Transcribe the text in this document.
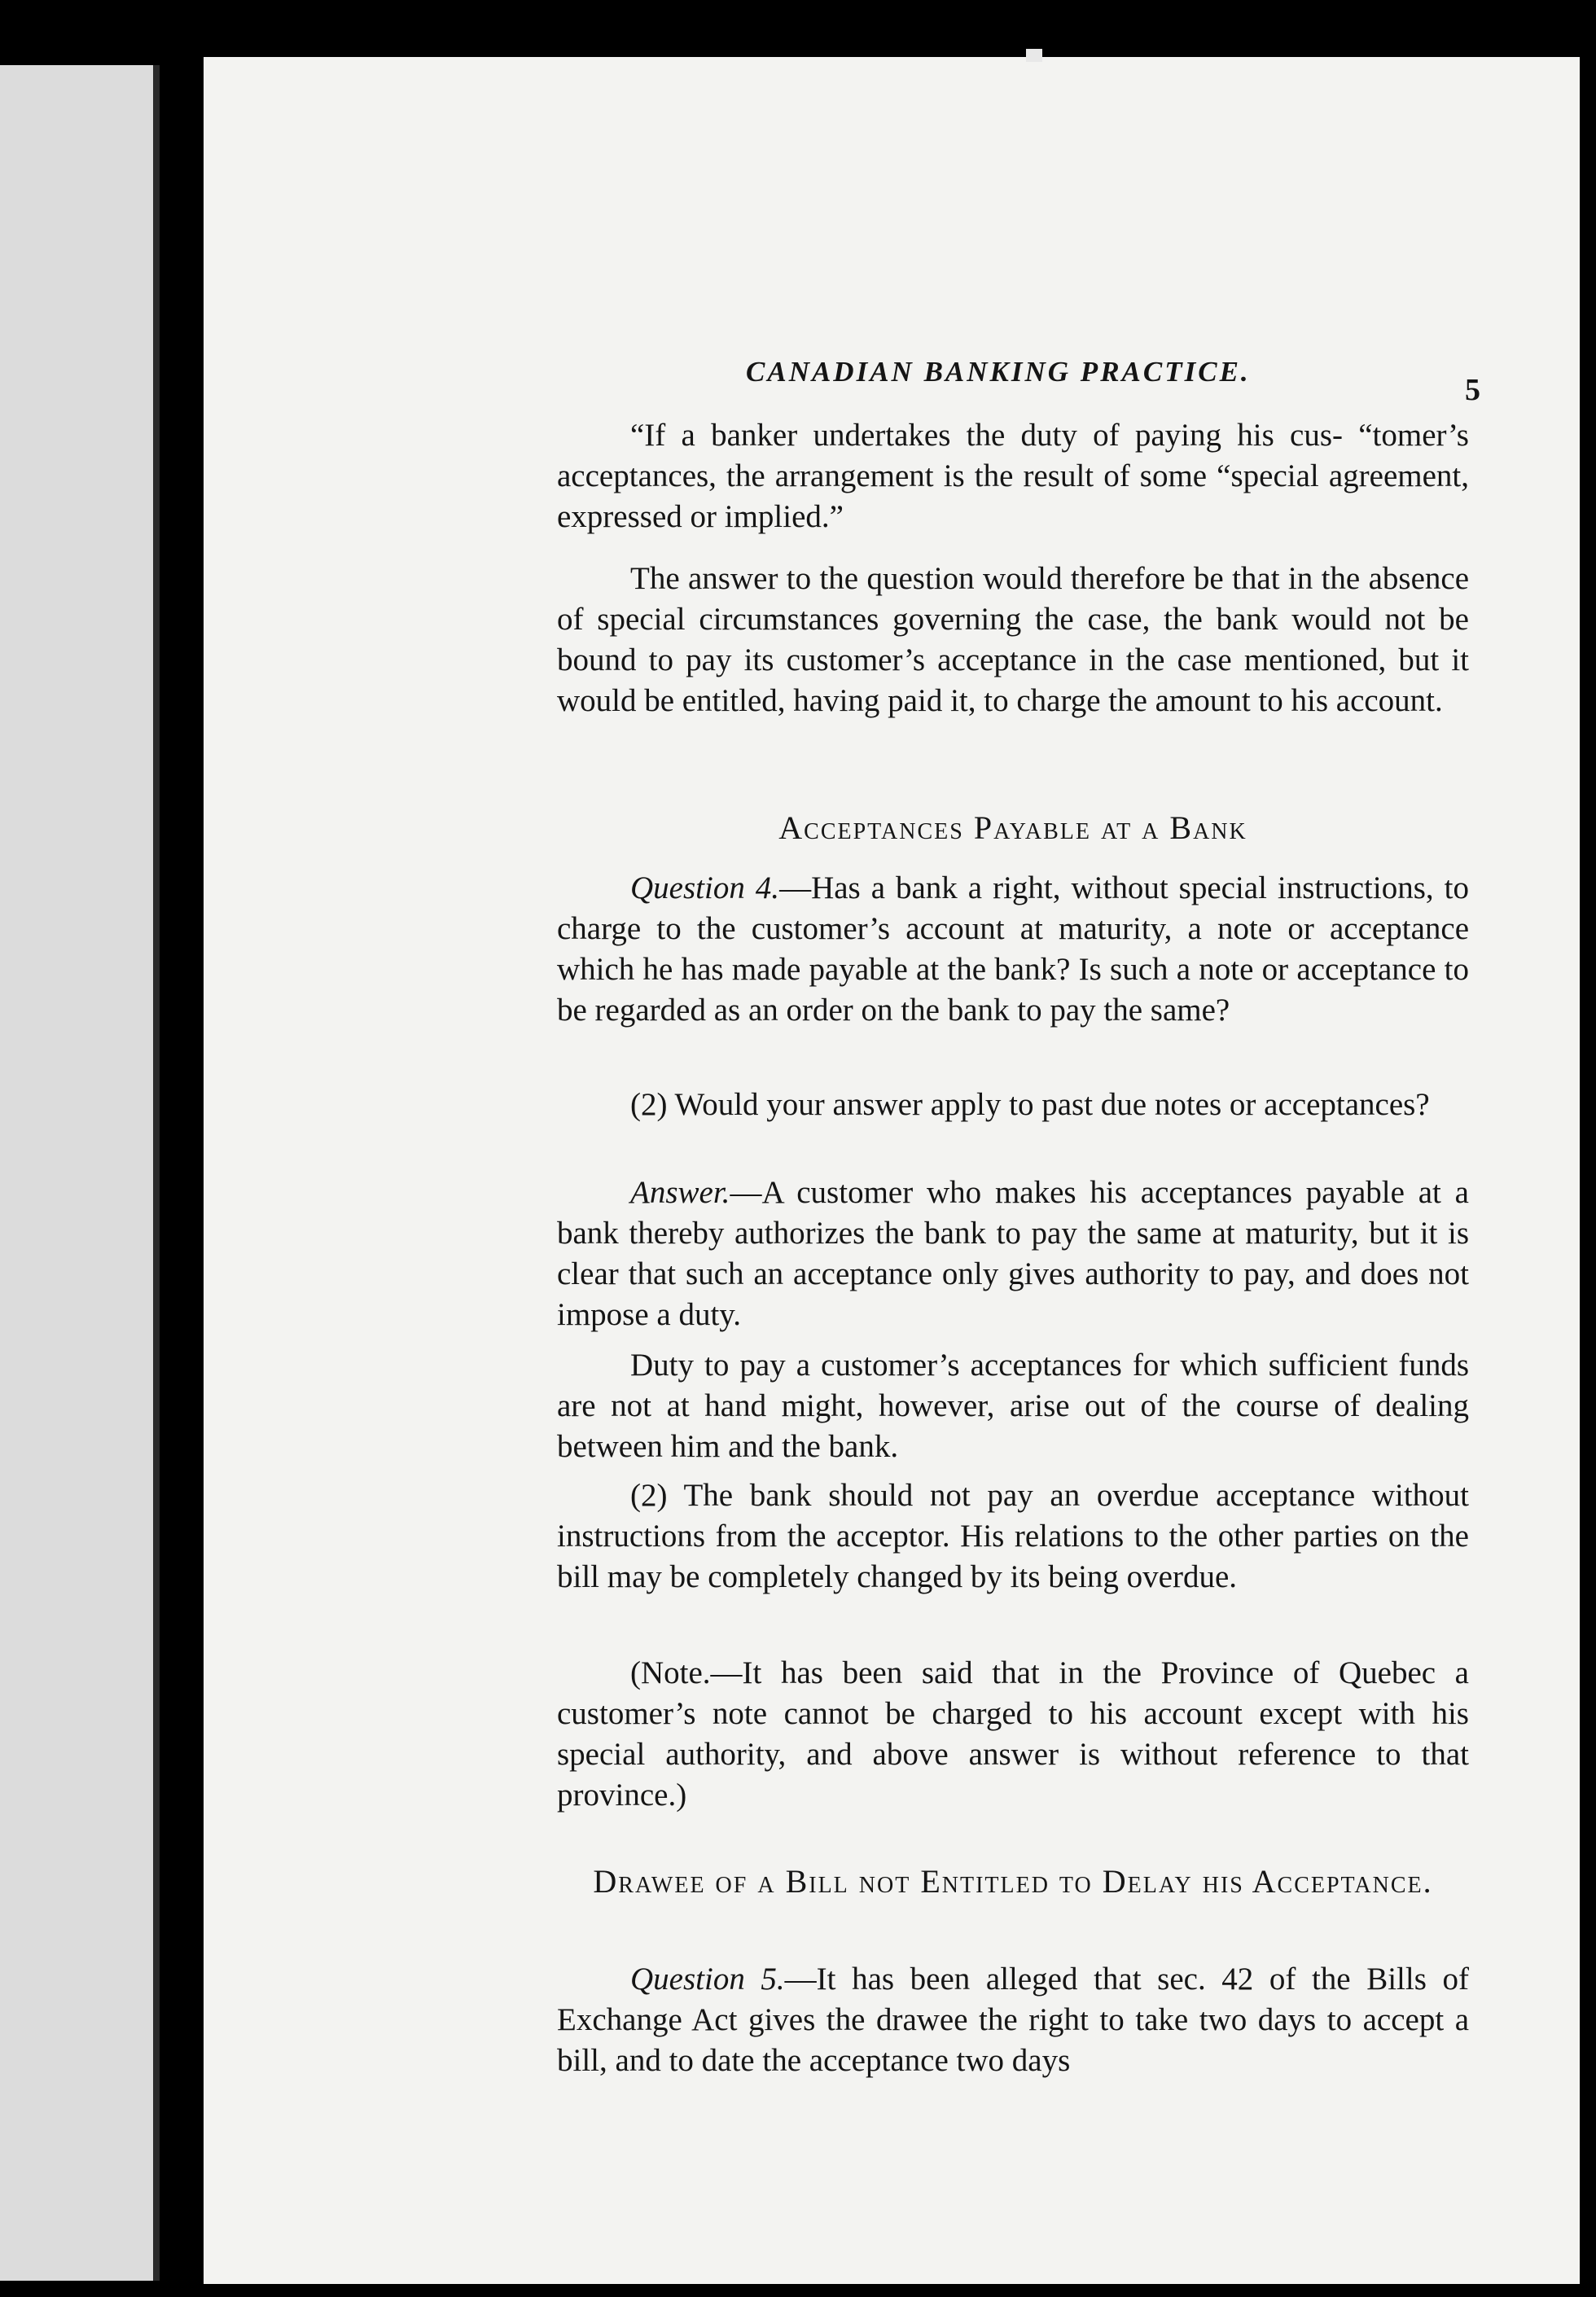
CANADIAN BANKING PRACTICE.
5

“If a banker undertakes the duty of paying his cus- “tomer’s acceptances, the arrangement is the result of some “special agreement, expressed or implied.”

The answer to the question would therefore be that in the absence of special circumstances governing the case, the bank would not be bound to pay its customer’s acceptance in the case mentioned, but it would be entitled, having paid it, to charge the amount to his account.

Acceptances Payable at a Bank

Question 4.—Has a bank a right, without special instructions, to charge to the customer’s account at maturity, a note or acceptance which he has made payable at the bank? Is such a note or acceptance to be regarded as an order on the bank to pay the same?

(2) Would your answer apply to past due notes or acceptances?

Answer.—A customer who makes his acceptances payable at a bank thereby authorizes the bank to pay the same at maturity, but it is clear that such an acceptance only gives authority to pay, and does not impose a duty.

Duty to pay a customer’s acceptances for which sufficient funds are not at hand might, however, arise out of the course of dealing between him and the bank.

(2) The bank should not pay an overdue acceptance without instructions from the acceptor. His relations to the other parties on the bill may be completely changed by its being overdue.

(Note.—It has been said that in the Province of Quebec a customer’s note cannot be charged to his account except with his special authority, and above answer is without reference to that province.)

Drawee of a Bill not Entitled to Delay his Acceptance.

Question 5.—It has been alleged that sec. 42 of the Bills of Exchange Act gives the drawee the right to take two days to accept a bill, and to date the acceptance two days
